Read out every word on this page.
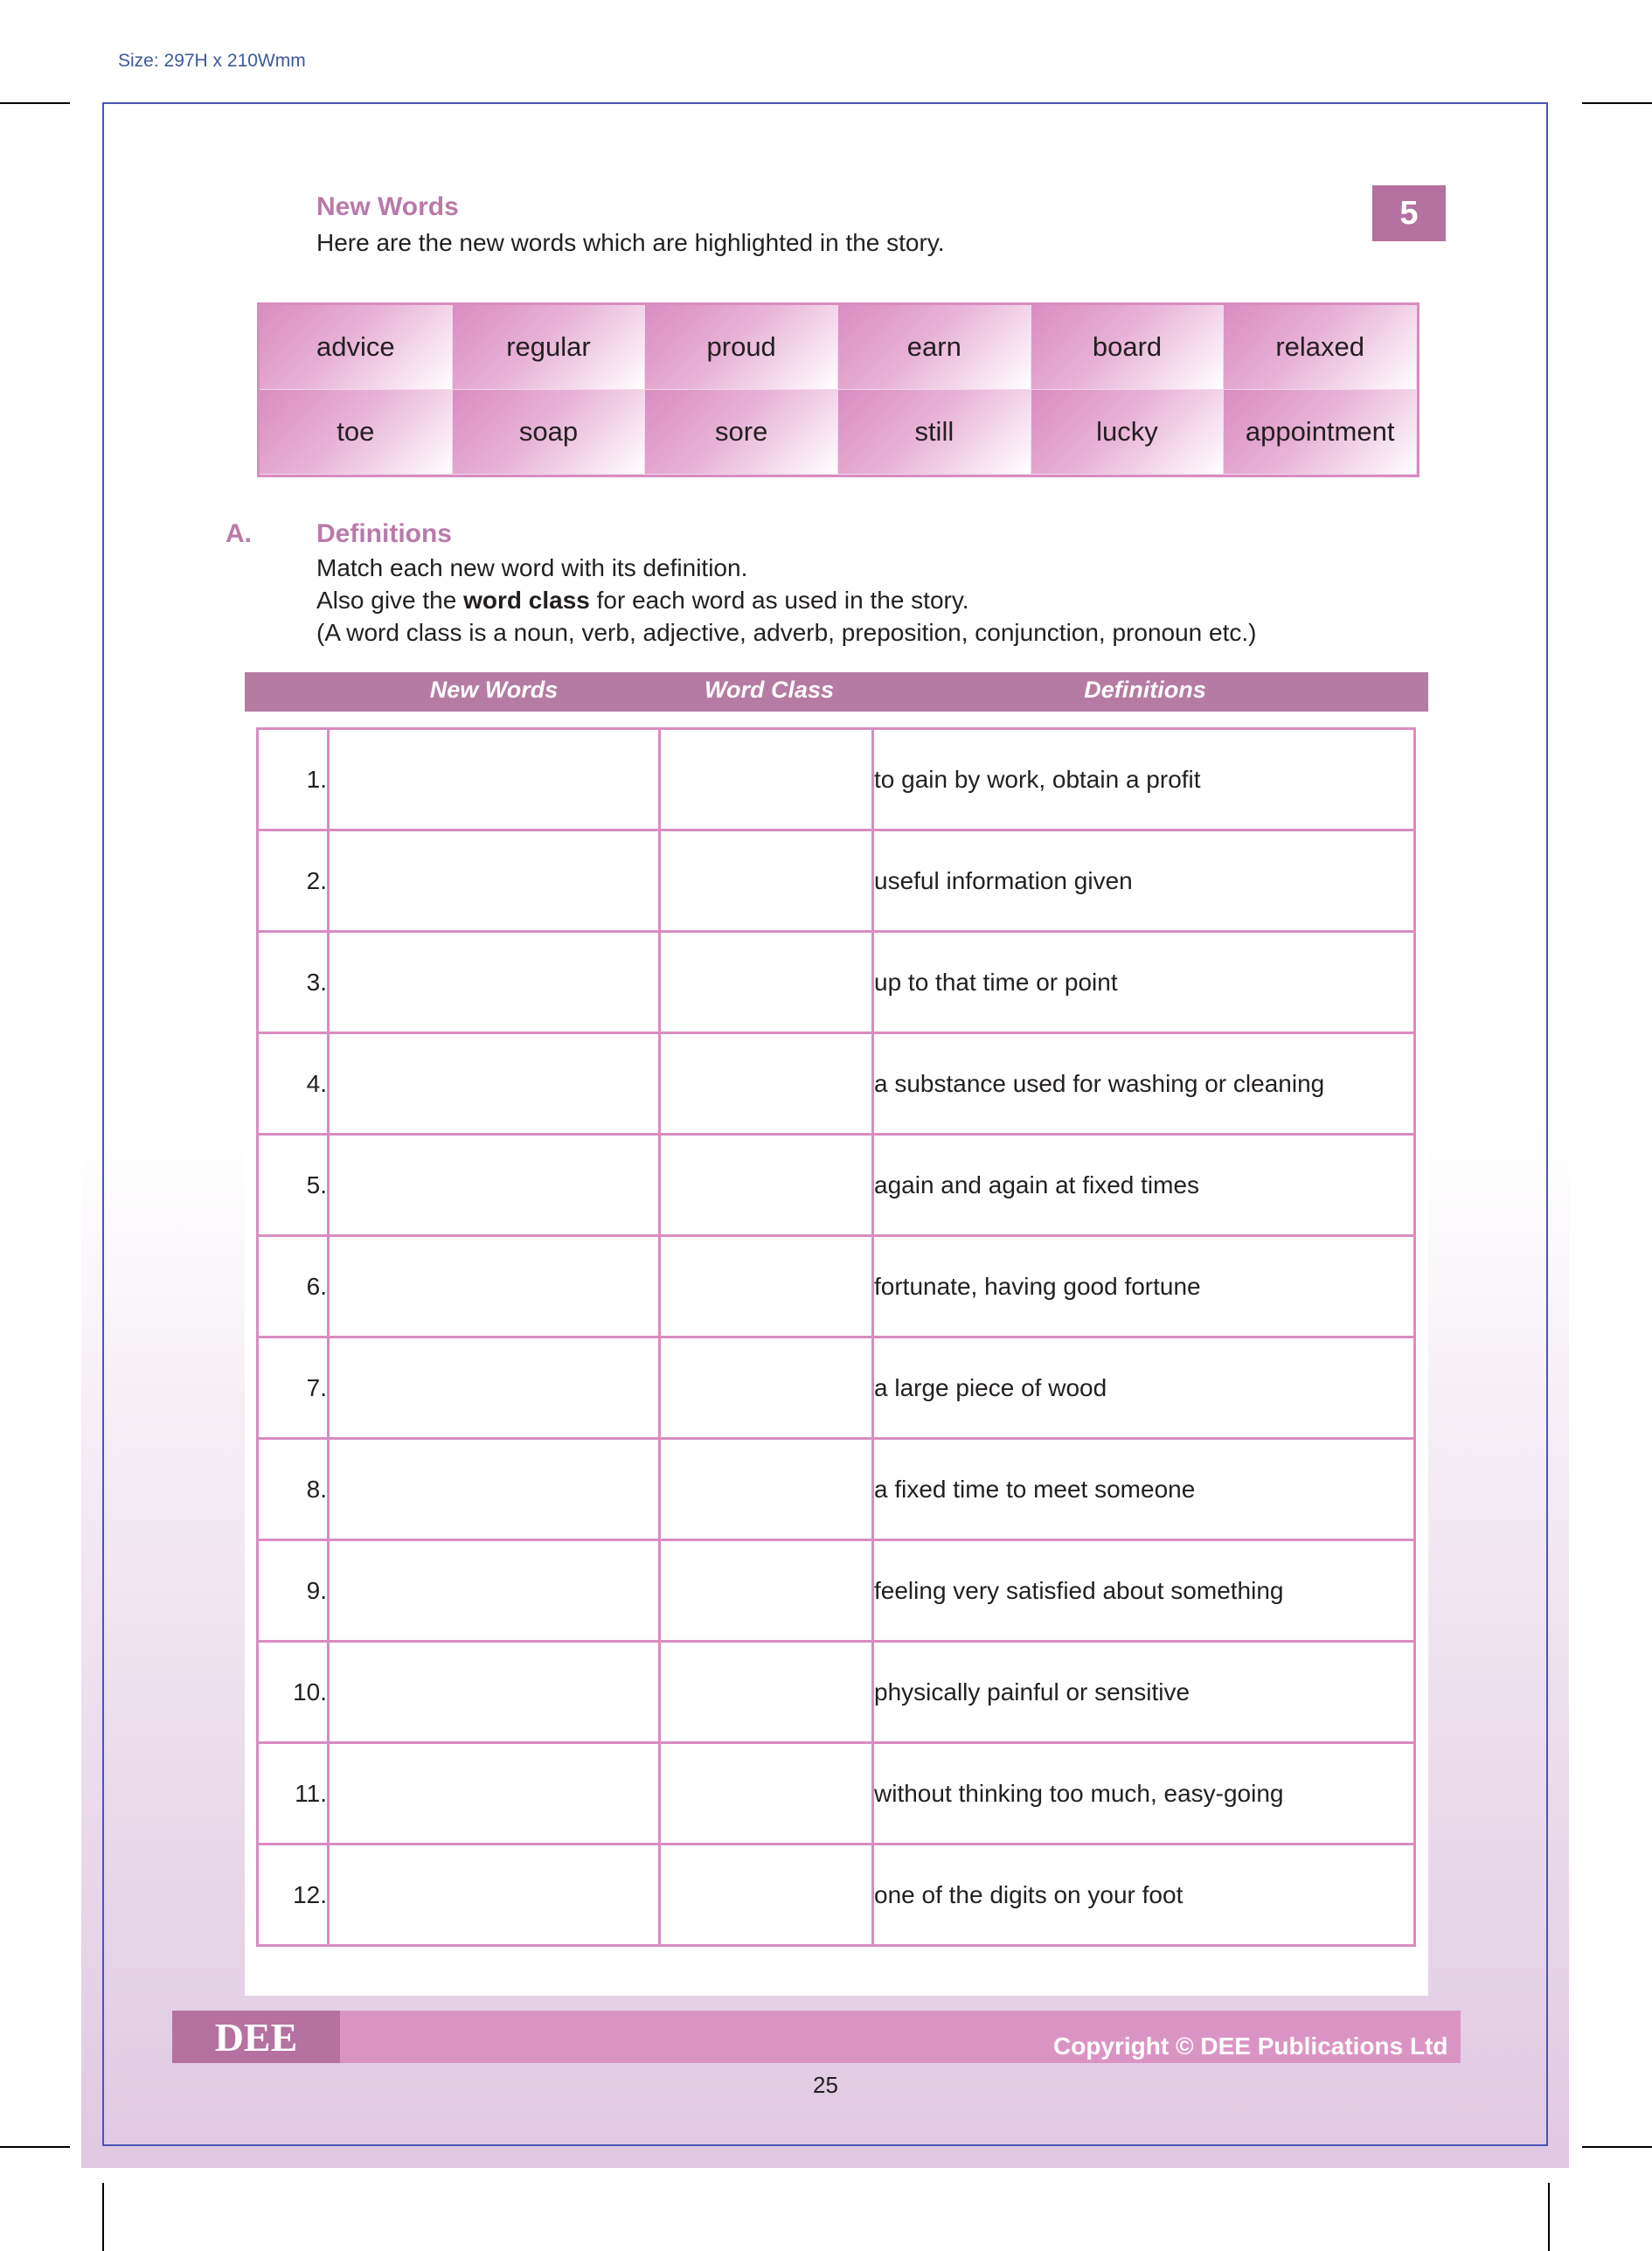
Size: 297H x 210Wmm
New Words
Here are the new words which are highlighted in the story.
5
advice	regular	proud	earn	board	relaxed
toe	soap	sore	still	lucky	appointment
A. Definitions
Match each new word with its definition.
Also give the word class for each word as used in the story.
(A word class is a noun, verb, adjective, adverb, preposition, conjunction, pronoun etc.)
New Words	Word Class	Definitions
1.			to gain by work, obtain a profit
2.			useful information given
3.			up to that time or point
4.			a substance used for washing or cleaning
5.			again and again at fixed times
6.			fortunate, having good fortune
7.			a large piece of wood
8.			a fixed time to meet someone
9.			feeling very satisfied about something
10.			physically painful or sensitive
11.			without thinking too much, easy-going
12.			one of the digits on your foot
DEE	Copyright © DEE Publications Ltd
25
